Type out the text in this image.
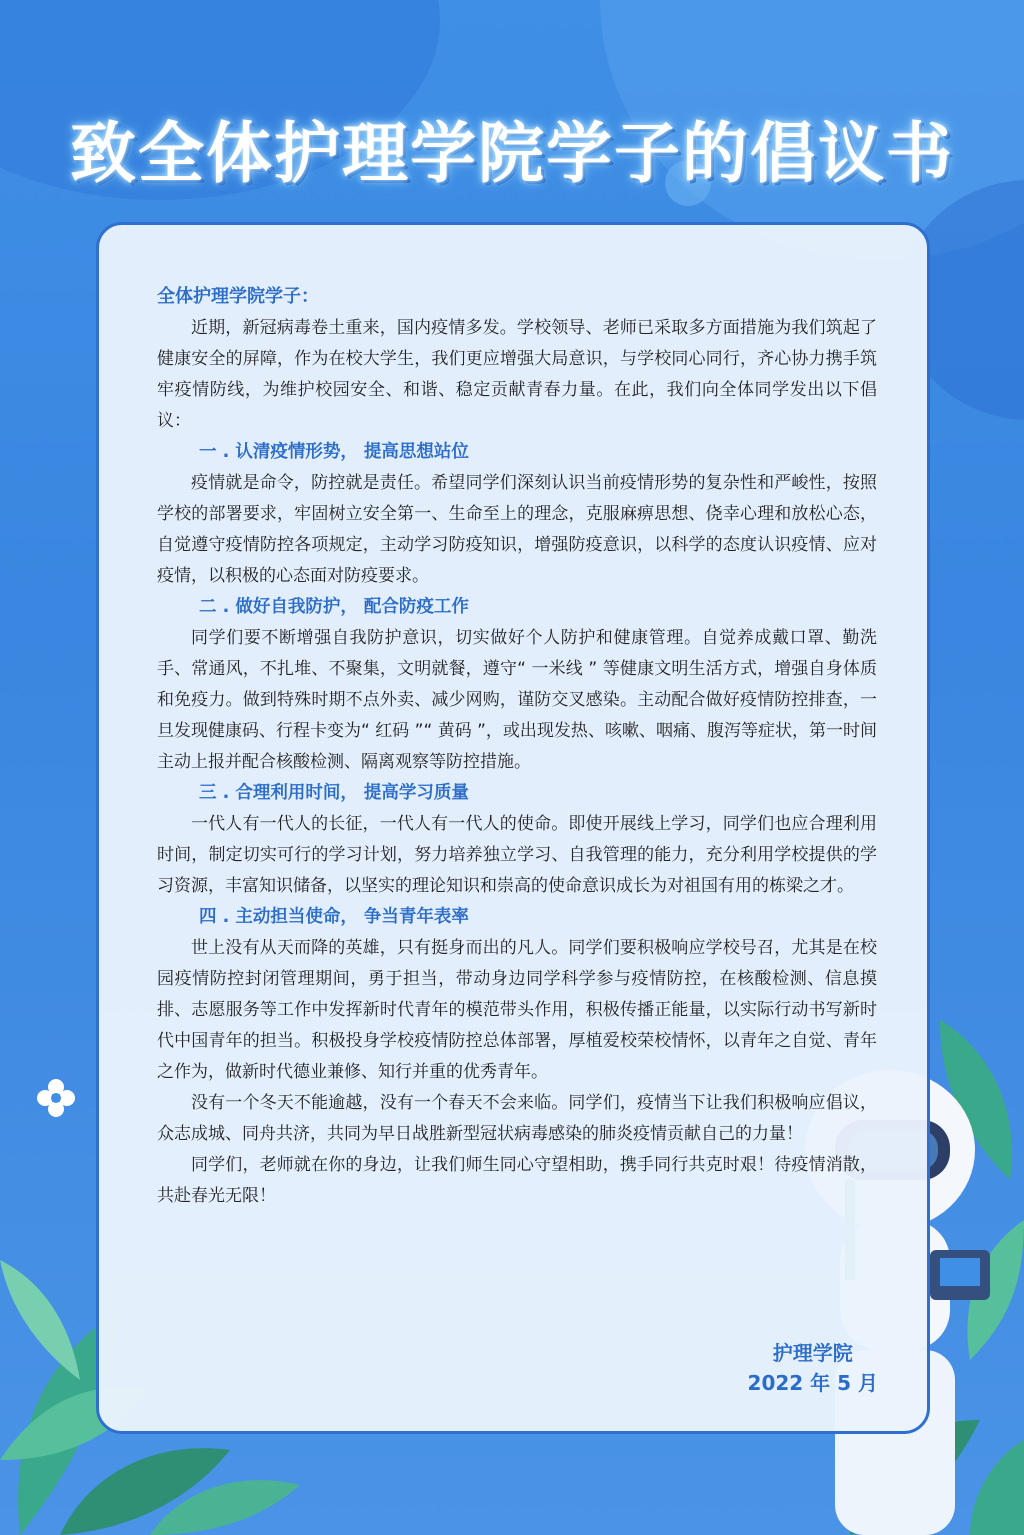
致全体护理学院学子的倡议书
全体护理学院学子：

近期，新冠病毒卷土重来，国内疫情多发。学校领导、老师已采取多方面措施为我们筑起了健康安全的屏障，作为在校大学生，我们更应增强大局意识，与学校同心同行，齐心协力携手筑牢疫情防线，为维护校园安全、和谐、稳定贡献青春力量。在此，我们向全体同学发出以下倡议：

一 . 认清疫情形势， 提高思想站位

疫情就是命令，防控就是责任。希望同学们深刻认识当前疫情形势的复杂性和严峻性，按照学校的部署要求，牢固树立安全第一、生命至上的理念，克服麻痹思想、侥幸心理和放松心态，自觉遵守疫情防控各项规定，主动学习防疫知识，增强防疫意识，以科学的态度认识疫情、应对疫情，以积极的心态面对防疫要求。

二 . 做好自我防护， 配合防疫工作

同学们要不断增强自我防护意识，切实做好个人防护和健康管理。自觉养成戴口罩、勤洗手、常通风，不扎堆、不聚集，文明就餐，遵守“ 一米线 ” 等健康文明生活方式，增强自身体质和免疫力。做到特殊时期不点外卖、减少网购，谨防交叉感染。主动配合做好疫情防控排查，一旦发现健康码、行程卡变为“ 红码 ”“ 黄码 ”，或出现发热、咳嗽、咽痛、腹泻等症状，第一时间主动上报并配合核酸检测、隔离观察等防控措施。

三 . 合理利用时间， 提高学习质量

一代人有一代人的长征，一代人有一代人的使命。即使开展线上学习，同学们也应合理利用时间，制定切实可行的学习计划，努力培养独立学习、自我管理的能力，充分利用学校提供的学习资源，丰富知识储备，以坚实的理论知识和崇高的使命意识成长为对祖国有用的栋梁之才。

四 . 主动担当使命， 争当青年表率

世上没有从天而降的英雄，只有挺身而出的凡人。同学们要积极响应学校号召，尤其是在校园疫情防控封闭管理期间，勇于担当，带动身边同学科学参与疫情防控，在核酸检测、信息摸排、志愿服务等工作中发挥新时代青年的模范带头作用，积极传播正能量，以实际行动书写新时代中国青年的担当。积极投身学校疫情防控总体部署，厚植爱校荣校情怀，以青年之自觉、青年之作为，做新时代德业兼修、知行并重的优秀青年。

没有一个冬天不能逾越，没有一个春天不会来临。同学们，疫情当下让我们积极响应倡议，众志成城、同舟共济，共同为早日战胜新型冠状病毒感染的肺炎疫情贡献自己的力量！

同学们，老师就在你的身边，让我们师生同心守望相助，携手同行共克时艰！待疫情消散，共赴春光无限！

护理学院
2022 年 5 月
